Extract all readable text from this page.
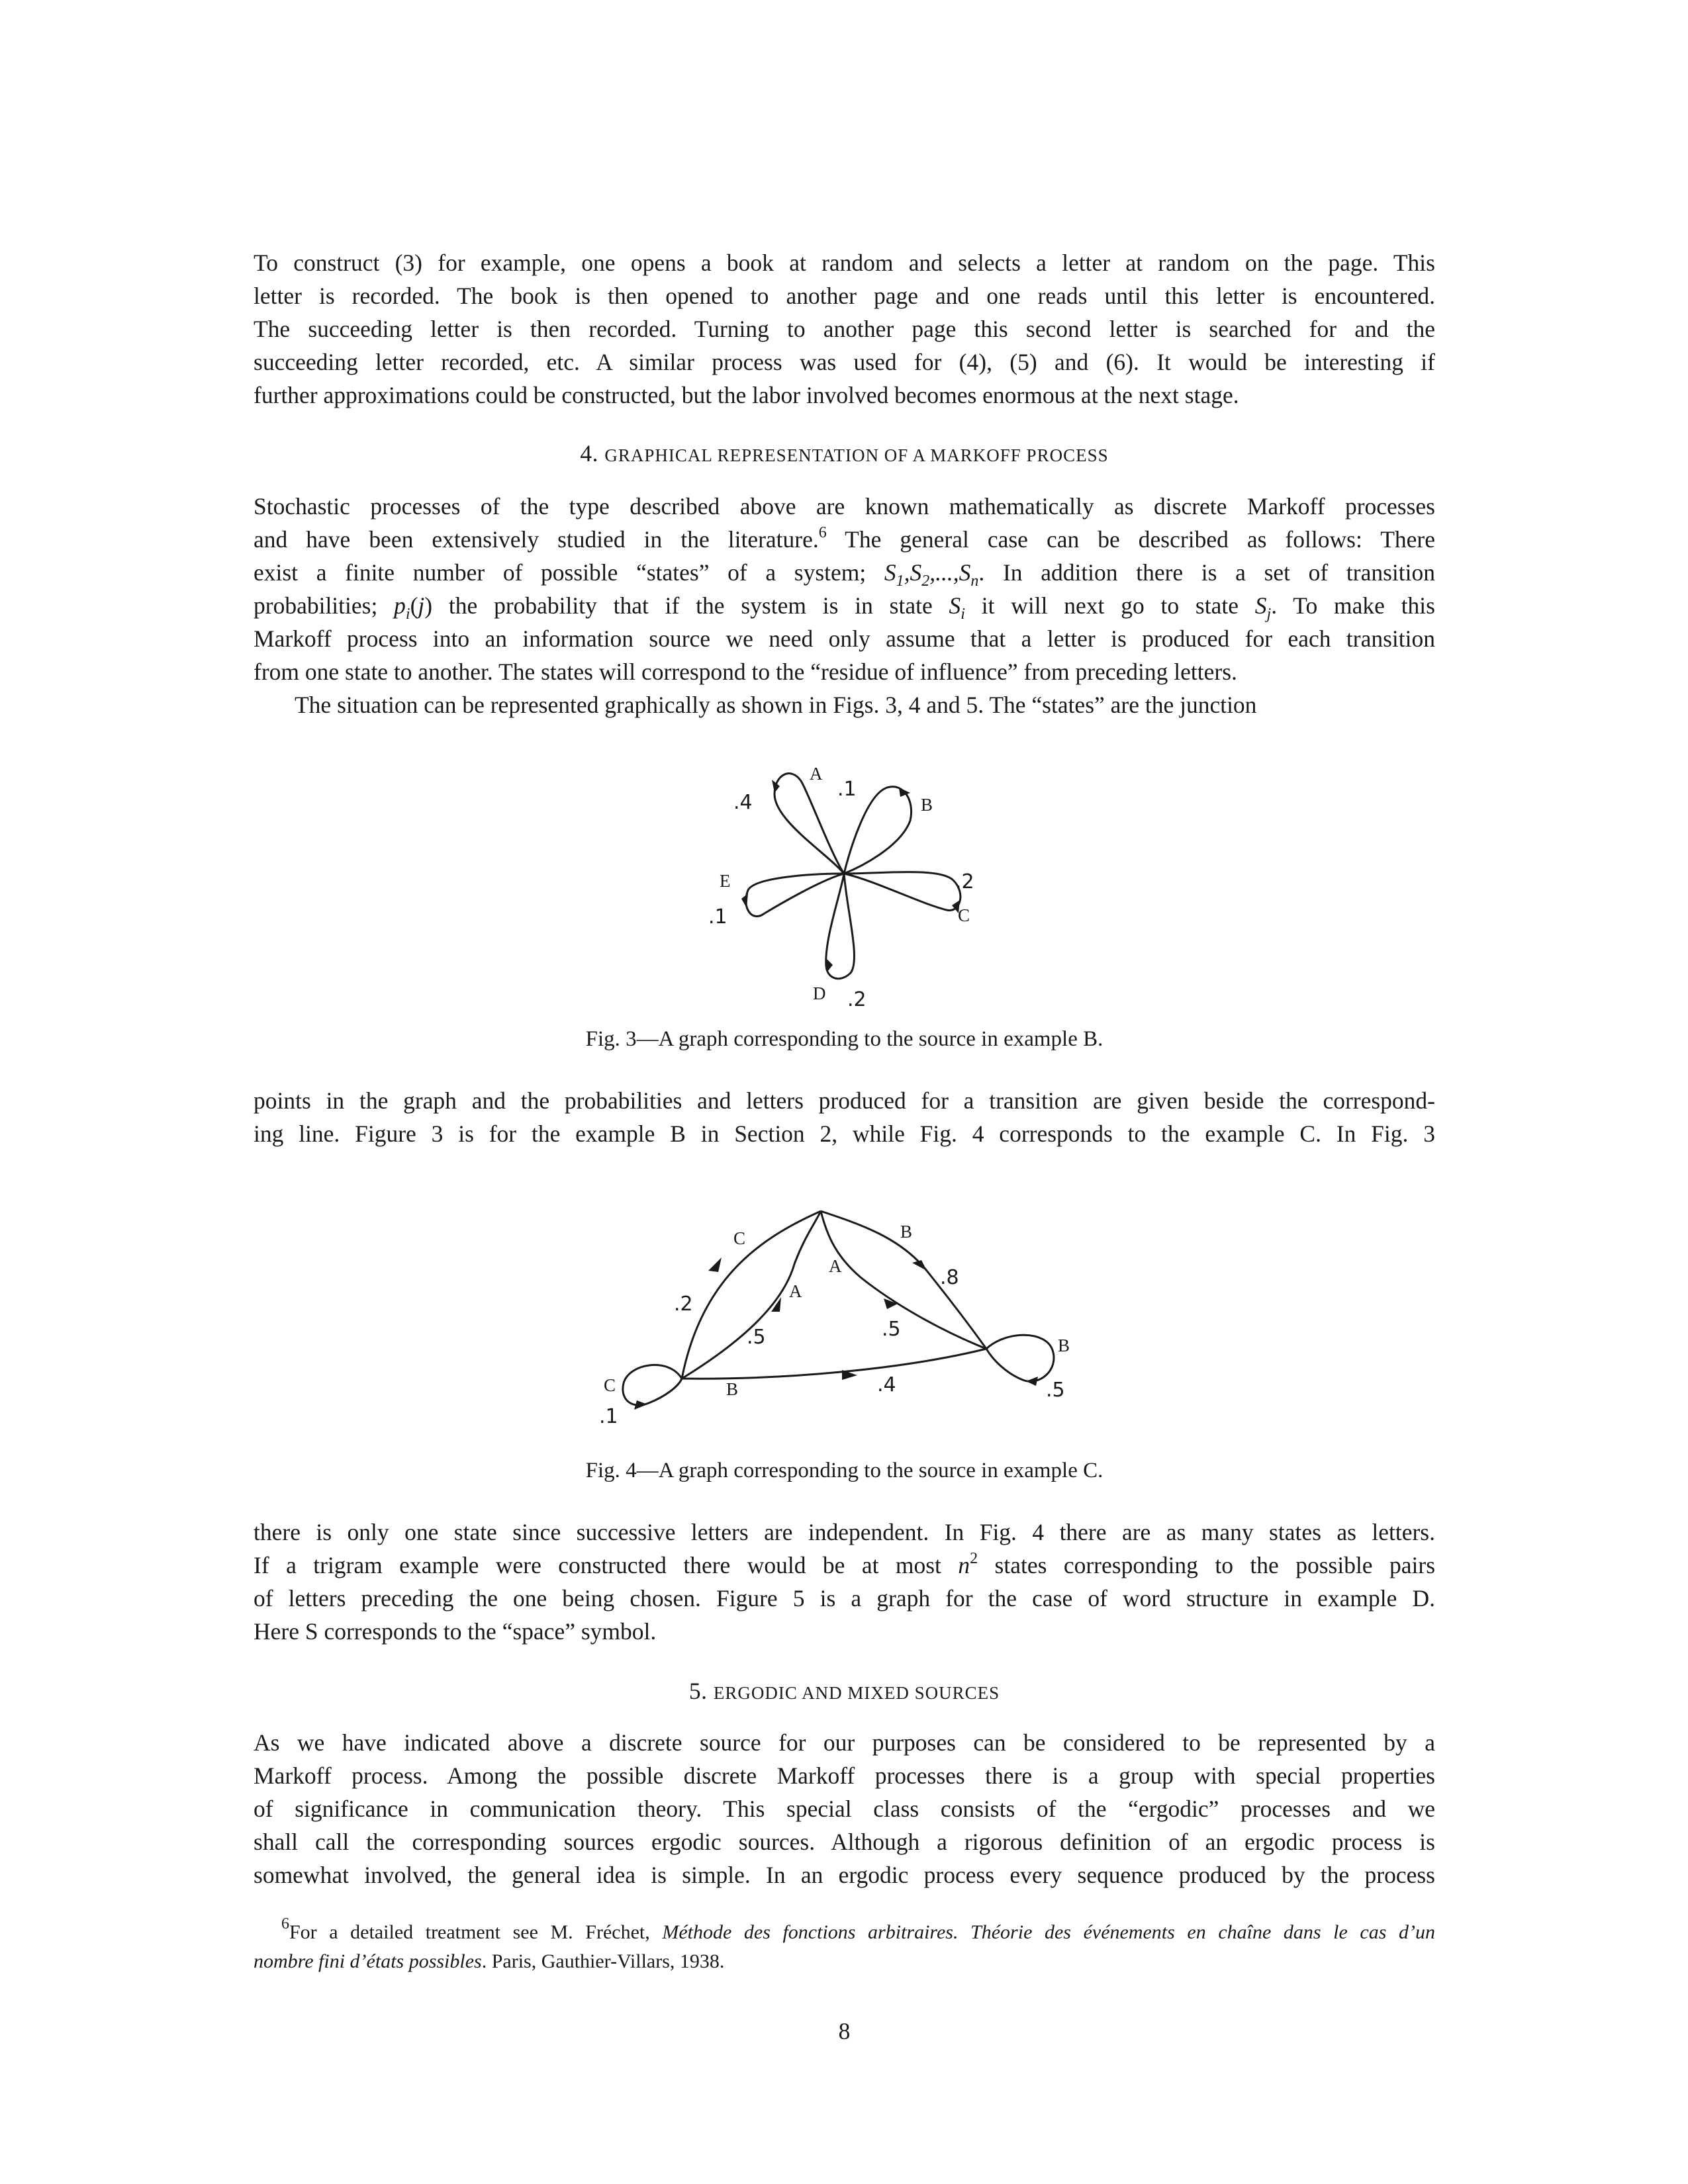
To construct (3) for example, one opens a book at random and selects a letter at random on the page. This
letter is recorded. The book is then opened to another page and one reads until this letter is encountered.
The succeeding letter is then recorded. Turning to another page this second letter is searched for and the
succeeding letter recorded, etc. A similar process was used for (4), (5) and (6). It would be interesting if
further approximations could be constructed, but the labor involved becomes enormous at the next stage.

4. GRAPHICAL REPRESENTATION OF A MARKOFF PROCESS

Stochastic processes of the type described above are known mathematically as discrete Markoff processes
and have been extensively studied in the literature.$^6$ The general case can be described as follows: There
exist a finite number of possible “states” of a system; $S_1,S_2,...,S_n$. In addition there is a set of transition
probabilities; $p_i(j)$ the probability that if the system is in state $S_i$ it will next go to state $S_j$. To make this
Markoff process into an information source we need only assume that a letter is produced for each transition
from one state to another. The states will correspond to the “residue of influence” from preceding letters.

The situation can be represented graphically as shown in Figs. 3, 4 and 5. The “states” are the junction

A
.4
.1
B
E
.1
.2
C
D .2
Fig. 3—A graph corresponding to the source in example B.

points in the graph and the probabilities and letters produced for a transition are given beside the correspond-
ing line. Figure 3 is for the example B in Section 2, while Fig. 4 corresponds to the example C. In Fig. 3

C	B
A
A
.2
.8
.5	.5
B
.5
.4
B
C
.1
Fig. 4—A graph corresponding to the source in example C.

there is only one state since successive letters are independent. In Fig. 4 there are as many states as letters.
If a trigram example were constructed there would be at most $n^2$ states corresponding to the possible pairs
of letters preceding the one being chosen. Figure 5 is a graph for the case of word structure in example D.
Here S corresponds to the “space” symbol.

5. ERGODIC AND MIXED SOURCES

As we have indicated above a discrete source for our purposes can be considered to be represented by a
Markoff process. Among the possible discrete Markoff processes there is a group with special properties
of significance in communication theory. This special class consists of the “ergodic” processes and we
shall call the corresponding sources ergodic sources. Although a rigorous definition of an ergodic process is
somewhat involved, the general idea is simple. In an ergodic process every sequence produced by the process

$^6$For a detailed treatment see M. Fréchet, Méthode des fonctions arbitraires. Théorie des événements en chaîne dans le cas d’un
nombre fini d’états possibles. Paris, Gauthier-Villars, 1938.
8
